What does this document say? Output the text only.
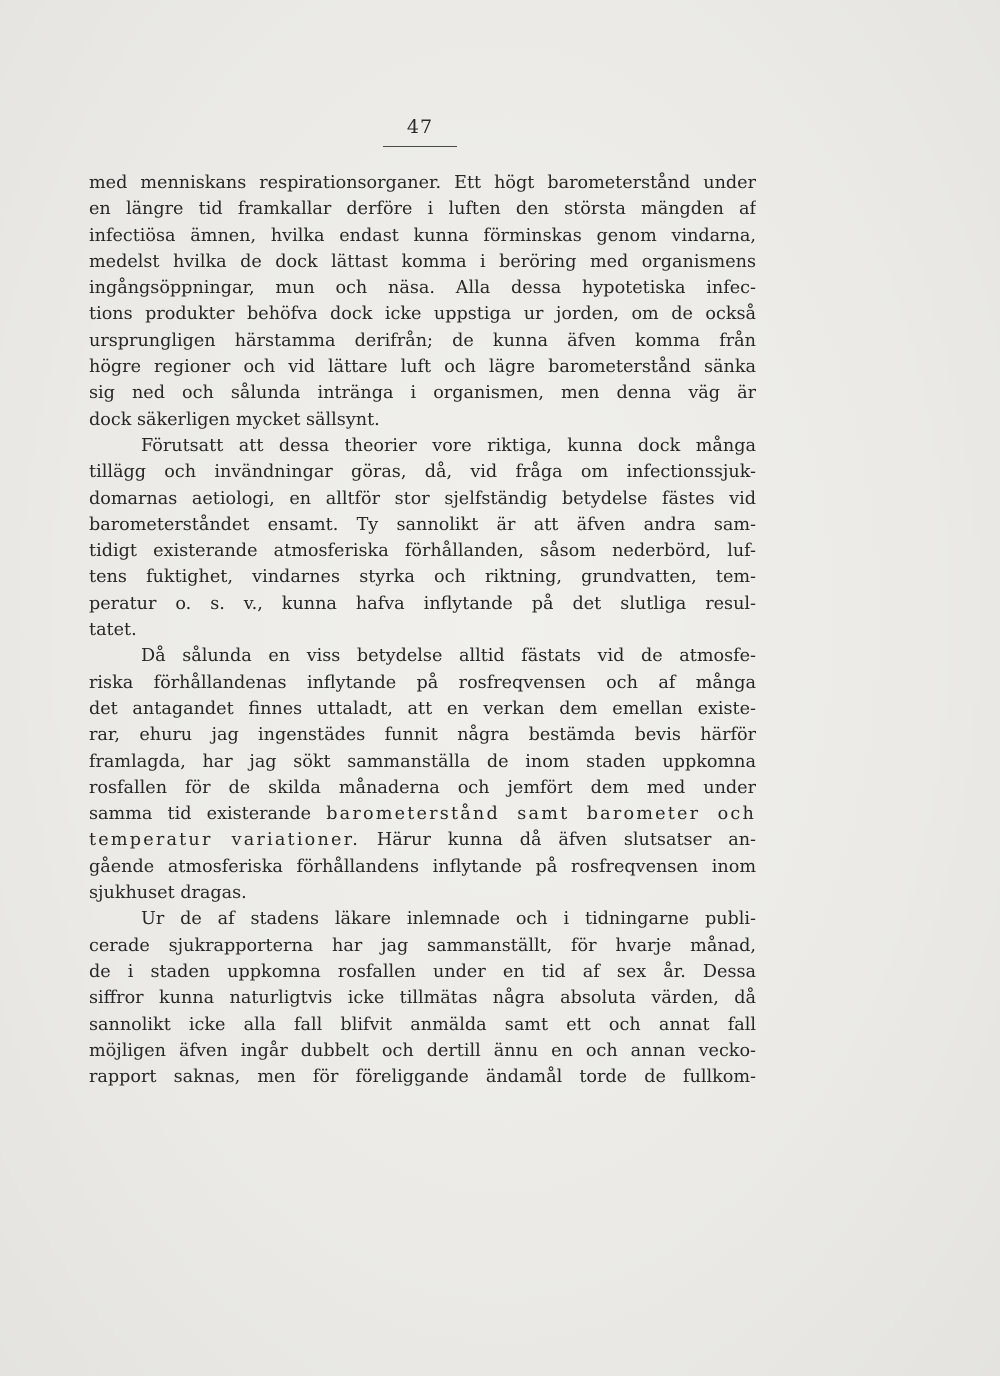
47
med menniskans respirationsorganer. Ett högt barometerstånd under
en längre tid framkallar derföre i luften den största mängden af
infectiösa ämnen, hvilka endast kunna förminskas genom vindarna,
medelst hvilka de dock lättast komma i beröring med organismens
ingångsöppningar, mun och näsa. Alla dessa hypotetiska infec-
tions produkter behöfva dock icke uppstiga ur jorden, om de också
ursprungligen härstamma derifrån; de kunna äfven komma från
högre regioner och vid lättare luft och lägre barometerstånd sänka
sig ned och sålunda intränga i organismen, men denna väg är
dock säkerligen mycket sällsynt.
Förutsatt att dessa theorier vore riktiga, kunna dock många
tillägg och invändningar göras, då, vid fråga om infectionssjuk-
domarnas aetiologi, en alltför stor sjelfständig betydelse fästes vid
barometerståndet ensamt. Ty sannolikt är att äfven andra sam-
tidigt existerande atmosferiska förhållanden, såsom nederbörd, luf-
tens fuktighet, vindarnes styrka och riktning, grundvatten, tem-
peratur o. s. v., kunna hafva inflytande på det slutliga resul-
tatet.
Då sålunda en viss betydelse alltid fästats vid de atmosfe-
riska förhållandenas inflytande på rosfreqvensen och af många
det antagandet finnes uttaladt, att en verkan dem emellan existe-
rar, ehuru jag ingenstädes funnit några bestämda bevis härför
framlagda, har jag sökt sammanställa de inom staden uppkomna
rosfallen för de skilda månaderna och jemfört dem med under
samma tid existerande barometerstånd samt barometer och
temperatur variationer. Härur kunna då äfven slutsatser an-
gående atmosferiska förhållandens inflytande på rosfreqvensen inom
sjukhuset dragas.
Ur de af stadens läkare inlemnade och i tidningarne publi-
cerade sjukrapporterna har jag sammanställt, för hvarje månad,
de i staden uppkomna rosfallen under en tid af sex år. Dessa
siffror kunna naturligtvis icke tillmätas några absoluta värden, då
sannolikt icke alla fall blifvit anmälda samt ett och annat fall
möjligen äfven ingår dubbelt och dertill ännu en och annan vecko-
rapport saknas, men för föreliggande ändamål torde de fullkom-
